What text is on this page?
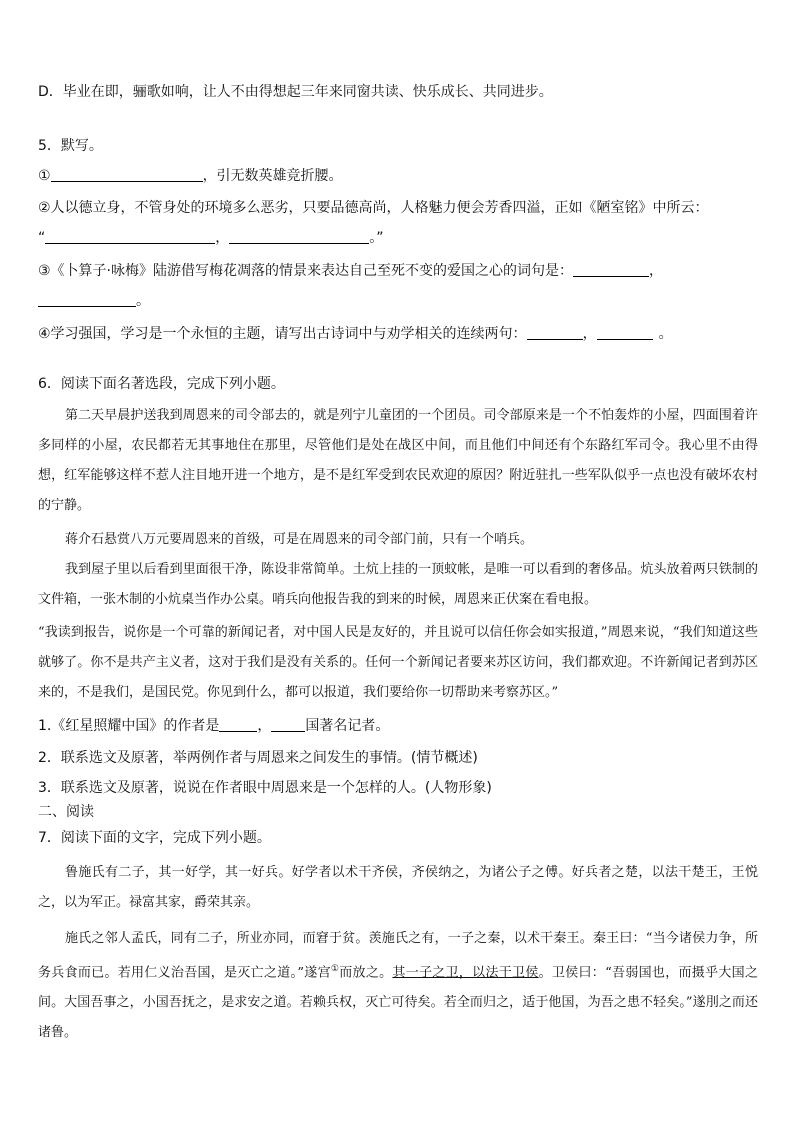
D．毕业在即，骊歌如响，让人不由得想起三年来同窗共读、快乐成长、共同进步。
5．默写。
①	，引无数英雄竞折腰。
②人以德立身，不管身处的环境多么恶劣，只要品德高尚，人格魅力便会芳香四溢，正如《陋室铭》中所云：
“	，	。”
③《卜算子·咏梅》陆游借写梅花凋落的情景来表达自己至死不变的爱国之心的词句是：	，
。
④学习强国，学习是一个永恒的主题，请写出古诗词中与劝学相关的连续两句：	，	。
6．阅读下面名著选段，完成下列小题。
第二天早晨护送我到周恩来的司令部去的，就是列宁儿童团的一个团员。司令部原来是一个不怕轰炸的小屋，四面围着许多同样的小屋，农民都若无其事地住在那里，尽管他们是处在战区中间，而且他们中间还有个东路红军司令。我心里不由得想，红军能够这样不惹人注目地开进一个地方，是不是红军受到农民欢迎的原因？附近驻扎一些军队似乎一点也没有破坏农村的宁静。
蒋介石悬赏八万元要周恩来的首级，可是在周恩来的司令部门前，只有一个哨兵。
我到屋子里以后看到里面很干净，陈设非常简单。土炕上挂的一顶蚊帐，是唯一可以看到的奢侈品。炕头放着两只铁制的文件箱，一张木制的小炕桌当作办公桌。哨兵向他报告我的到来的时候，周恩来正伏案在看电报。
“我读到报告，说你是一个可靠的新闻记者，对中国人民是友好的，并且说可以信任你会如实报道，”周恩来说，“我们知道这些就够了。你不是共产主义者，这对于我们是没有关系的。任何一个新闻记者要来苏区访问，我们都欢迎。不许新闻记者到苏区来的，不是我们，是国民党。你见到什么，都可以报道，我们要给你一切帮助来考察苏区。”
1.《红星照耀中国》的作者是	， 国著名记者。
2．联系选文及原著，举两例作者与周恩来之间发生的事情。(情节概述)
3．联系选文及原著，说说在作者眼中周恩来是一个怎样的人。(人物形象)
二、阅读
7．阅读下面的文字，完成下列小题。
鲁施氏有二子，其一好学，其一好兵。好学者以术干齐侯，齐侯纳之，为诸公子之傅。好兵者之楚，以法干楚王，王悦之，以为军正。禄富其家，爵荣其亲。
施氏之邻人孟氏，同有二子，所业亦同，而窘于贫。羡施氏之有，一子之秦，以术干秦王。秦王曰：“当今诸侯力争，所务兵食而已。若用仁义治吾国，是灭亡之道。”遂宫①而放之。其一子之卫，以法干卫侯。卫侯曰：“吾弱国也，而摄乎大国之间。大国吾事之，小国吾抚之，是求安之道。若赖兵权，灭亡可待矣。若全而归之，适于他国，为吾之患不轻矣。”遂刖之而还诸鲁。
